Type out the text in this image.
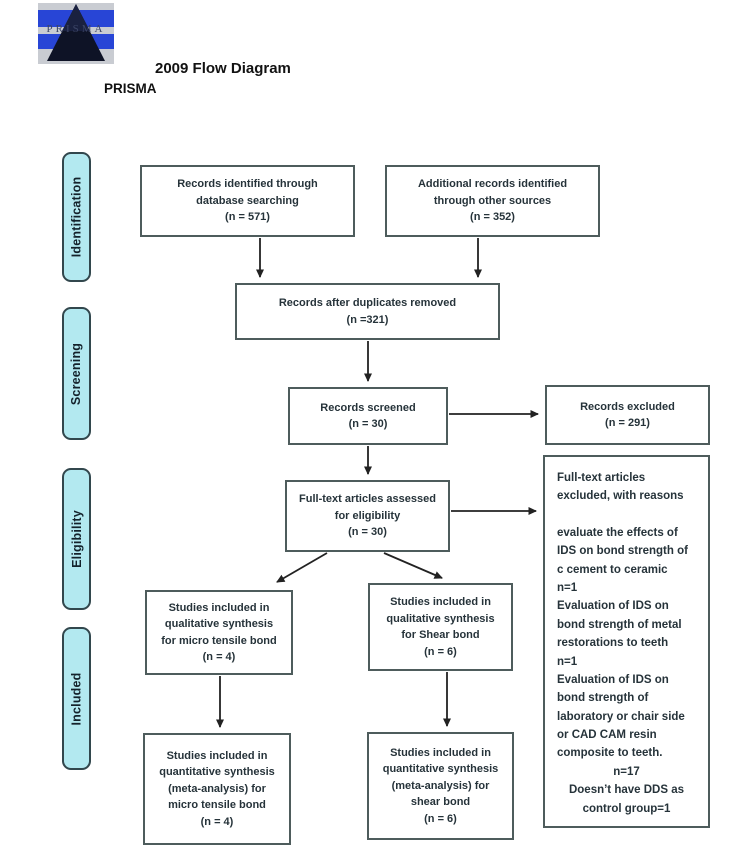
PRISMA
2009 Flow Diagram
PRISMA
Identification
Screening
Eligibility
Included
Records identified through
database searching
(n = 571)
Additional records identified
through other sources
(n = 352)
Records after duplicates removed
(n =321)
Records screened
(n = 30)
Records excluded
(n = 291)
Full-text articles assessed
for eligibility
(n = 30)
Full-text articles excluded, with reasons
evaluate the effects of IDS on bond strength of c cement to ceramic
n=1
Evaluation of IDS on bond strength of metal restorations to teeth
n=1
Evaluation of IDS on bond strength of laboratory or chair side or CAD CAM resin composite to teeth.
n=17
Doesn’t have DDS as control group=1
Studies included in
qualitative synthesis
for micro tensile bond
(n = 4)
Studies included in
qualitative synthesis
for Shear bond
(n = 6)
Studies included in
quantitative synthesis
(meta-analysis) for
micro tensile bond
(n = 4)
Studies included in
quantitative synthesis
(meta-analysis) for
shear bond
(n = 6)
